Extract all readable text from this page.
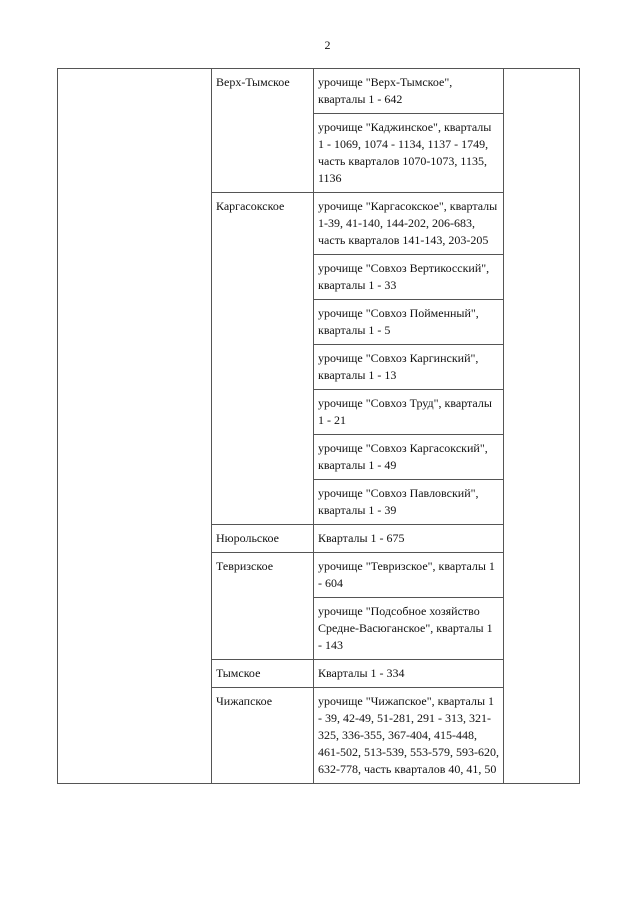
2
	Верх-Тымское	урочище "Верх-Тымское", кварталы 1 - 642	
		урочище "Каджинское", кварталы 1 - 1069, 1074 - 1134, 1137 - 1749, часть кварталов 1070-1073, 1135, 1136	
	Каргасокское	урочище "Каргасокское", кварталы 1-39, 41-140, 144-202, 206-683, часть кварталов 141-143, 203-205	
		урочище "Совхоз Вертикосский", кварталы 1 - 33	
		урочище "Совхоз Пойменный", кварталы 1 - 5	
		урочище "Совхоз Каргинский", кварталы 1 - 13	
		урочище "Совхоз Труд", кварталы 1 - 21	
		урочище "Совхоз Каргасокский", кварталы 1 - 49	
		урочище "Совхоз Павловский", кварталы 1 - 39	
	Нюрольское	Кварталы 1 - 675	
	Тевризское	урочище "Тевризское", кварталы 1 - 604	
		урочище "Подсобное хозяйство Средне-Васюганское", кварталы 1 - 143	
	Тымское	Кварталы 1 - 334	
	Чижапское	урочище "Чижапское", кварталы 1 - 39, 42-49, 51-281, 291 - 313, 321-325, 336-355, 367-404, 415-448, 461-502, 513-539, 553-579, 593-620, 632-778, часть кварталов 40, 41, 50	
